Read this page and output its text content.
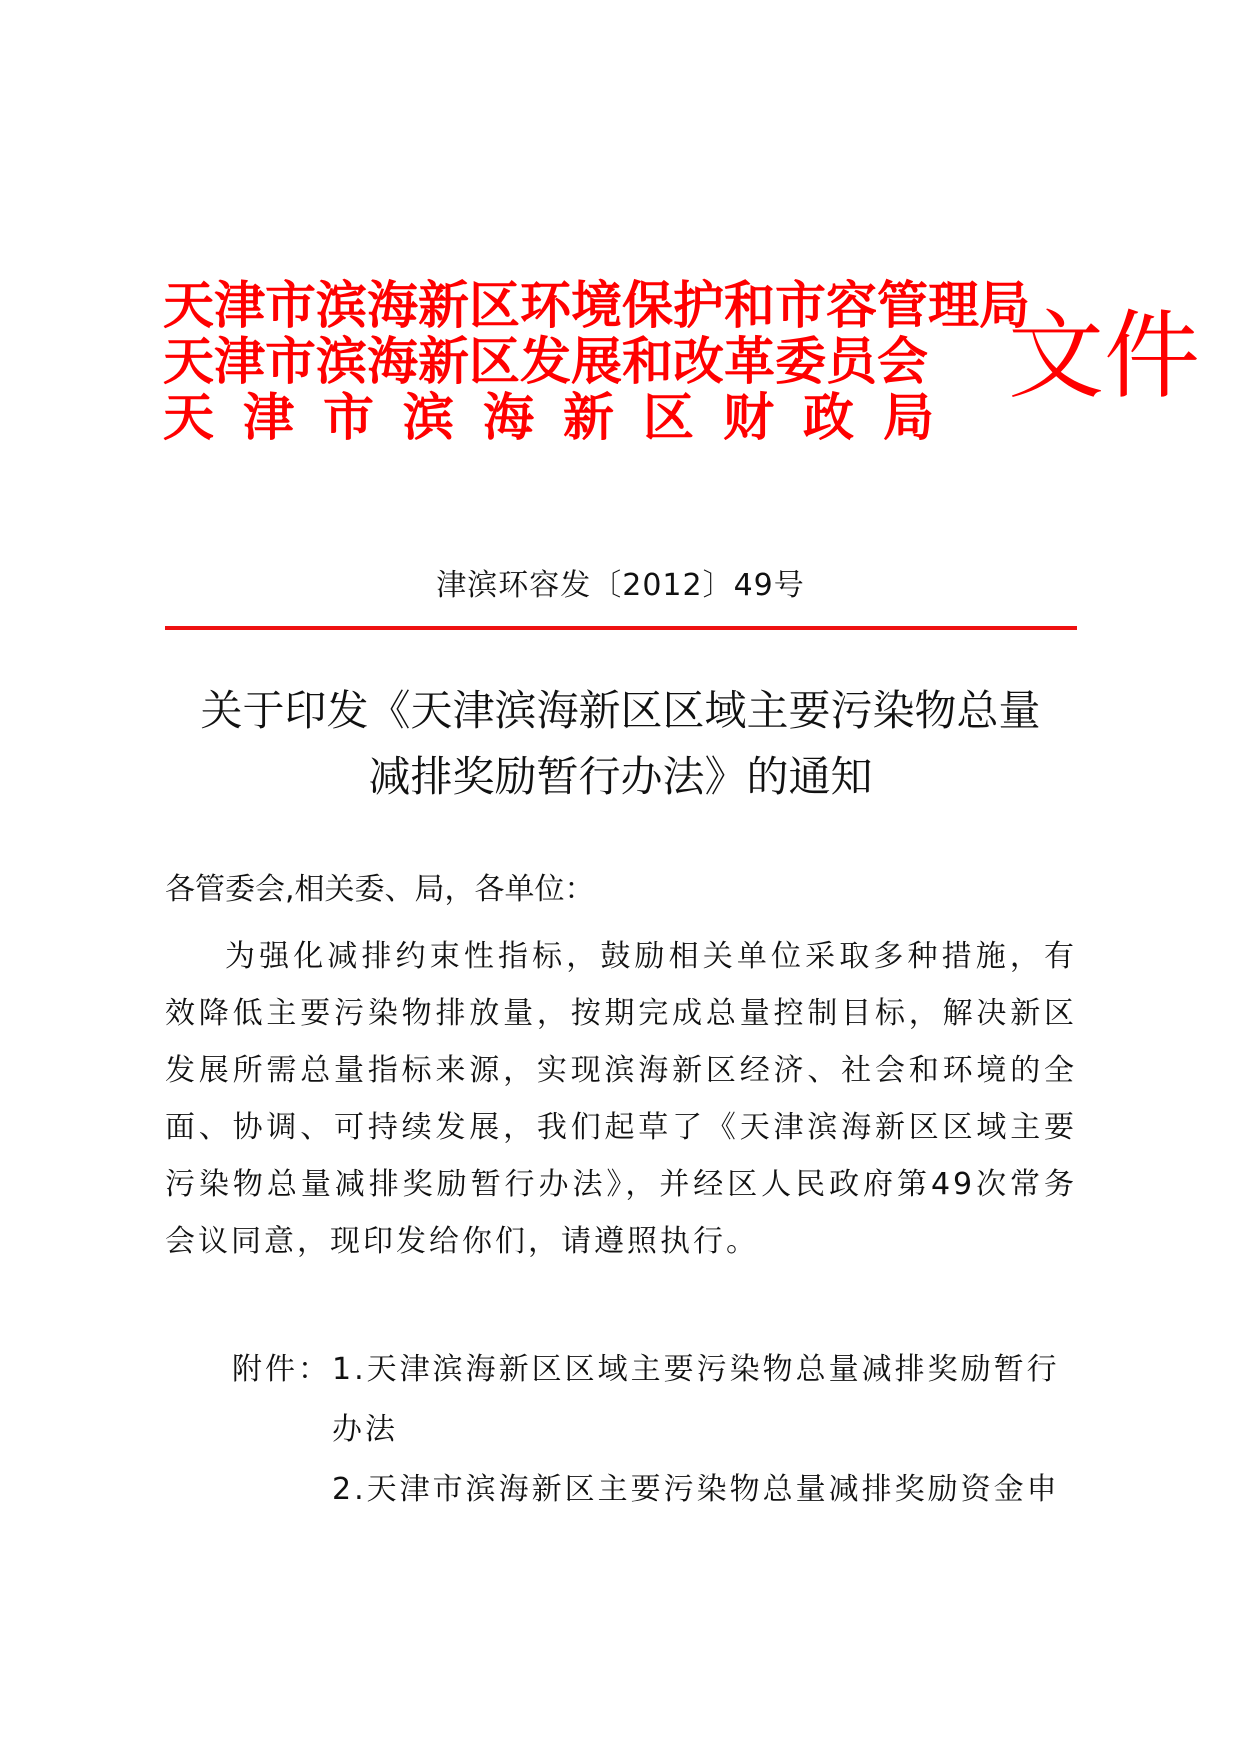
天津市滨海新区环境保护和市容管理局
天津市滨海新区发展和改革委员会
天津市滨海新区财政局
文件
津滨环容发〔2012〕49号
关于印发《天津滨海新区区域主要污染物总量
减排奖励暂行办法》的通知
各管委会,相关委、局，各单位：
为强化减排约束性指标，鼓励相关单位采取多种措施，有效降低主要污染物排放量，按期完成总量控制目标，解决新区发展所需总量指标来源，实现滨海新区经济、社会和环境的全面、协调、可持续发展，我们起草了《天津滨海新区区域主要污染物总量减排奖励暂行办法》，并经区人民政府第49次常务会议同意，现印发给你们，请遵照执行。
附件： 1.天津滨海新区区域主要污染物总量减排奖励暂行办法
2.天津市滨海新区主要污染物总量减排奖励资金申
